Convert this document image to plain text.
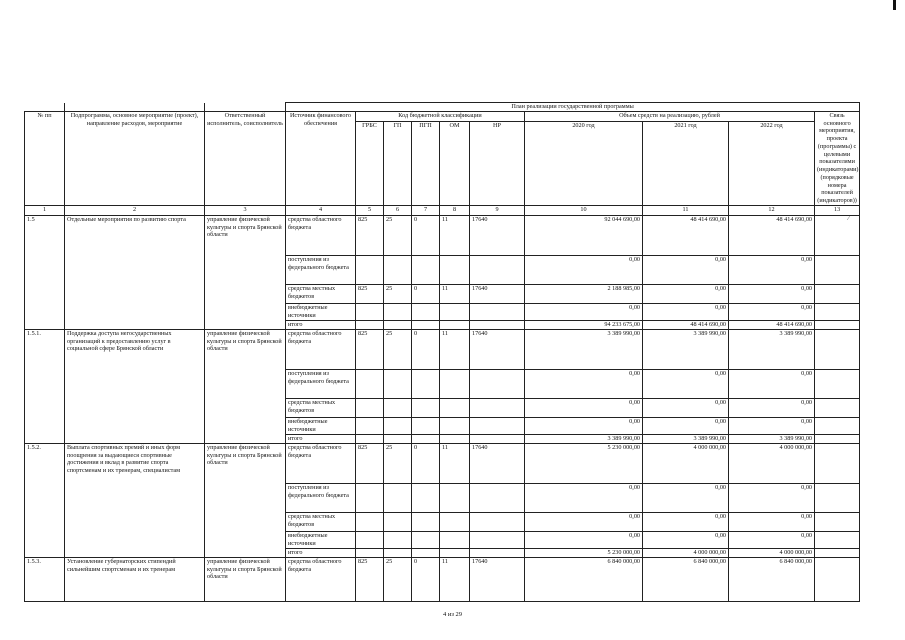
			План реализации государственной программы									
№ пп	Подпрограмма, основное мероприятие (проект), направление расходов, мероприятие	Ответственный исполнитель, соисполнитель	Источник финансового обеспечения	Код бюджетной классификации					Объем средств на реализацию, рублей			Связь основного мероприятия, проекта (программы) с целевыми показателями (индикаторами) (порядковые номера показателей (индикаторов))
				ГРБС	ГП	ПГП	ОМ	НР	2020 год	2021 год	2022 год	
1	2	3	4	5	6	7	8	9	10	11	12	13
1.5	Отдельные мероприятия по развитию спорта	управление физической культуры и спорта Брянской области	средства областного бюджета	825	25	0	11	17640	92 044 690,00	48 414 690,00	48 414 690,00	
			поступления из федерального бюджета						0,00	0,00	0,00	
			средства местных бюджетов	825	25	0	11	17640	2 188 985,00	0,00	0,00	
			внебюджетные источники						0,00	0,00	0,00	
			итого						94 233 675,00	48 414 690,00	48 414 690,00	
1.5.1.	Поддержка доступа негосударственных организаций к предоставлению услуг в социальной сфере Брянской области	управление физической культуры и спорта Брянской области	средства областного бюджета	825	25	0	11	17640	3 389 990,00	3 389 990,00	3 389 990,00	
			поступления из федерального бюджета						0,00	0,00	0,00	
			средства местных бюджетов						0,00	0,00	0,00	
			внебюджетные источники						0,00	0,00	0,00	
			итого						3 389 990,00	3 389 990,00	3 389 990,00	
1.5.2.	Выплата спортивных премий и иных форм поощрения за выдающиеся спортивные достижения и вклад в развитие спорта спортсменам и их тренерам, специалистам	управление физической культуры и спорта Брянской области	средства областного бюджета	825	25	0	11	17640	5 230 000,00	4 000 000,00	4 000 000,00	
			поступления из федерального бюджета						0,00	0,00	0,00	
			средства местных бюджетов						0,00	0,00	0,00	
			внебюджетные источники						0,00	0,00	0,00	
			итого						5 230 000,00	4 000 000,00	4 000 000,00	
1.5.3.	Установление губернаторских стипендий сильнейшим спортсменам и их тренерам	управление физической культуры и спорта Брянской области	средства областного бюджета	825	25	0	11	17640	6 840 000,00	6 840 000,00	6 840 000,00	
⁄
4 из 29
